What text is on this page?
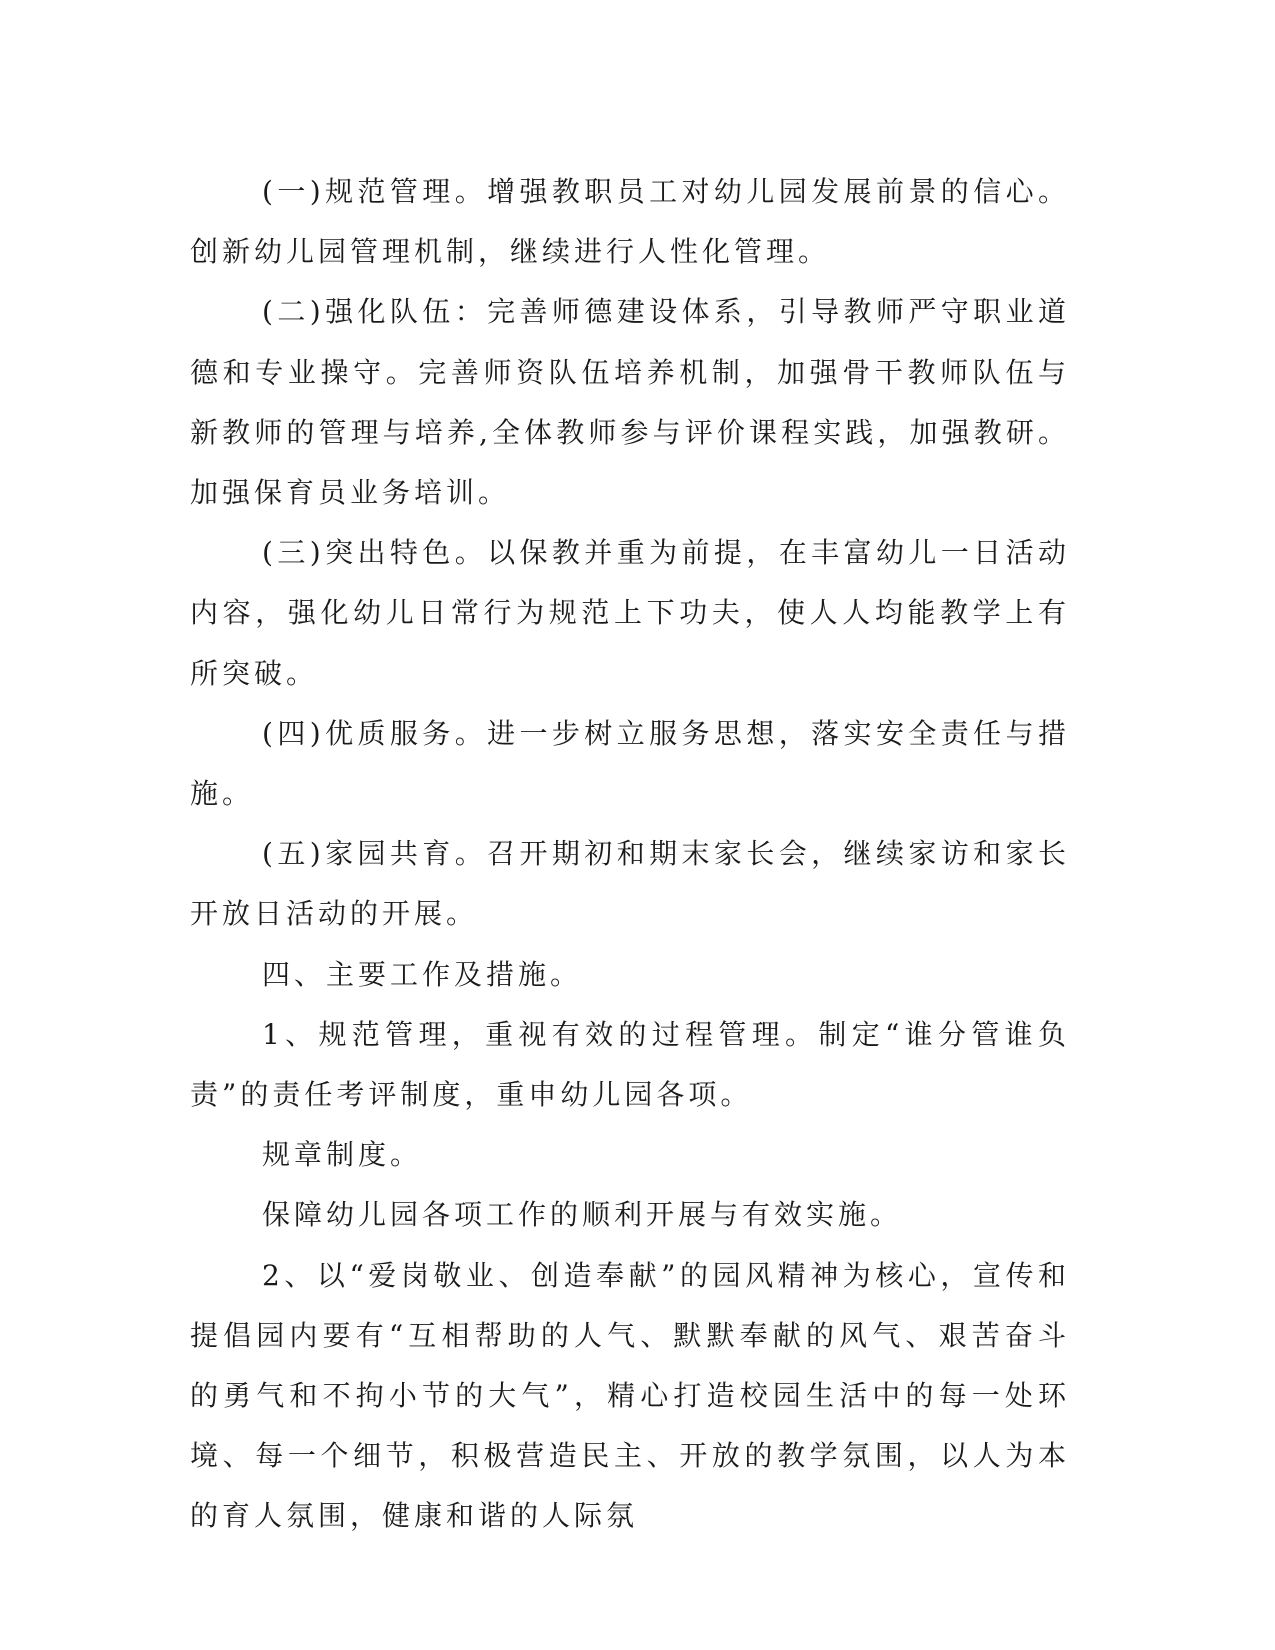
(一)规范管理。增强教职员工对幼儿园发展前景的信心。创新幼儿园管理机制，继续进行人性化管理。

(二)强化队伍：完善师德建设体系，引导教师严守职业道德和专业操守。完善师资队伍培养机制，加强骨干教师队伍与新教师的管理与培养,全体教师参与评价课程实践，加强教研。加强保育员业务培训。

(三)突出特色。以保教并重为前提，在丰富幼儿一日活动内容，强化幼儿日常行为规范上下功夫，使人人均能教学上有所突破。

(四)优质服务。进一步树立服务思想，落实安全责任与措施。

(五)家园共育。召开期初和期末家长会，继续家访和家长开放日活动的开展。

四、主要工作及措施。

1、规范管理，重视有效的过程管理。制定“谁分管谁负责”的责任考评制度，重申幼儿园各项。

规章制度。

保障幼儿园各项工作的顺利开展与有效实施。

2、以“爱岗敬业、创造奉献”的园风精神为核心，宣传和提倡园内要有“互相帮助的人气、默默奉献的风气、艰苦奋斗的勇气和不拘小节的大气”，精心打造校园生活中的每一处环境、每一个细节，积极营造民主、开放的教学氛围，以人为本的育人氛围，健康和谐的人际氛
